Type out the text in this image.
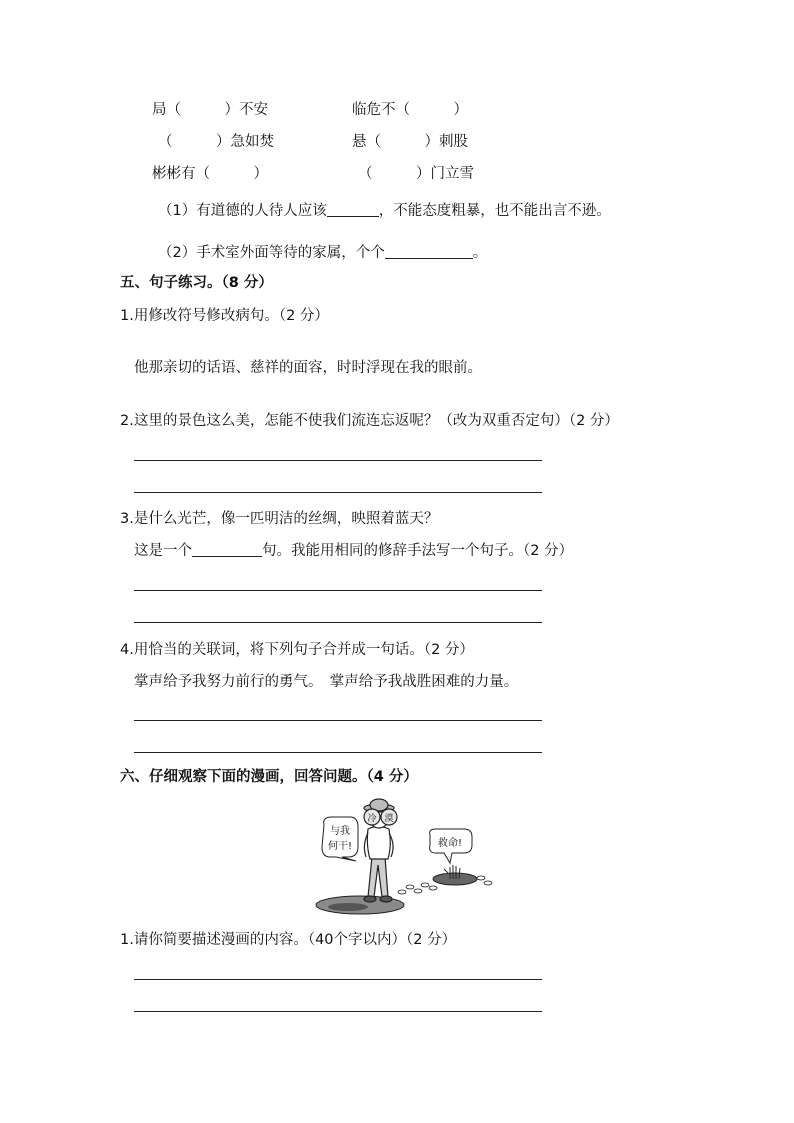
局（　　　）不安	临危不（　　　）
（　　　）急如焚	悬（　　　）刺股
彬彬有（　　　）	（　　　）门立雪
（1）有道德的人待人应该	，不能态度粗暴，也不能出言不逊。
（2）手术室外面等待的家属，个个	。
五、句子练习。（8 分）
1.用修改符号修改病句。（2 分）
他那亲切的话语、慈祥的面容，时时浮现在我的眼前。
2.这里的景色这么美，怎能不使我们流连忘返呢？（改为双重否定句）（2 分）
3.是什么光芒，像一匹明洁的丝绸，映照着蓝天？
这是一个	句。我能用相同的修辞手法写一个句子。（2 分）
4.用恰当的关联词，将下列句子合并成一句话。（2 分）
掌声给予我努力前行的勇气。　掌声给予我战胜困难的力量。
六、仔细观察下面的漫画，回答问题。（4 分）
冷 漠
与我
何干!	救命!
1.请你简要描述漫画的内容。（40个字以内）（2 分）
